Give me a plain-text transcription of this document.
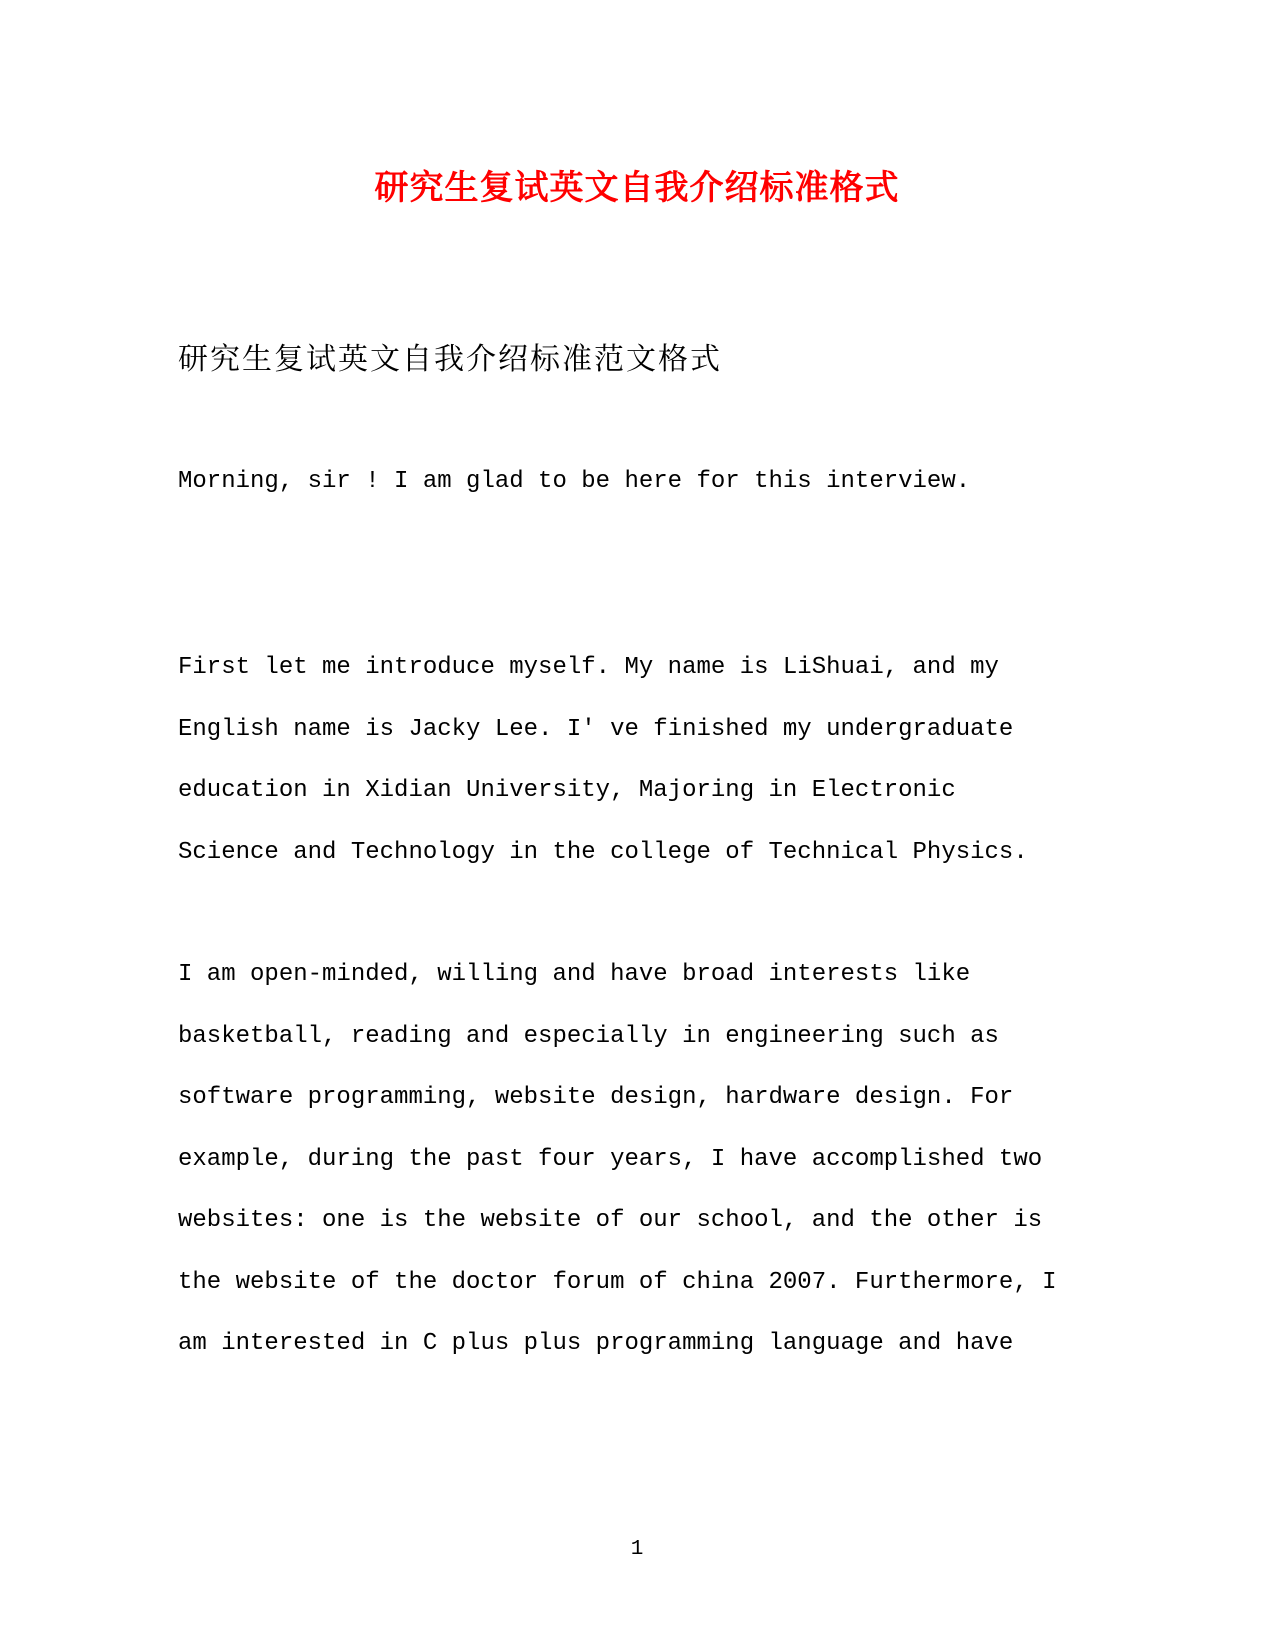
研究生复试英文自我介绍标准格式

研究生复试英文自我介绍标准范文格式

Morning, sir ! I am glad to be here for this interview.
First let me introduce myself. My name is LiShuai, and my
English name is Jacky Lee. I' ve finished my undergraduate
education in Xidian University, Majoring in Electronic
Science and Technology in the college of Technical Physics.
I am open-minded, willing and have broad interests like
basketball, reading and especially in engineering such as
software programming, website design, hardware design. For
example, during the past four years, I have accomplished two
websites: one is the website of our school, and the other is
the website of the doctor forum of china 2007. Furthermore, I
am interested in C plus plus programming language and have
1
